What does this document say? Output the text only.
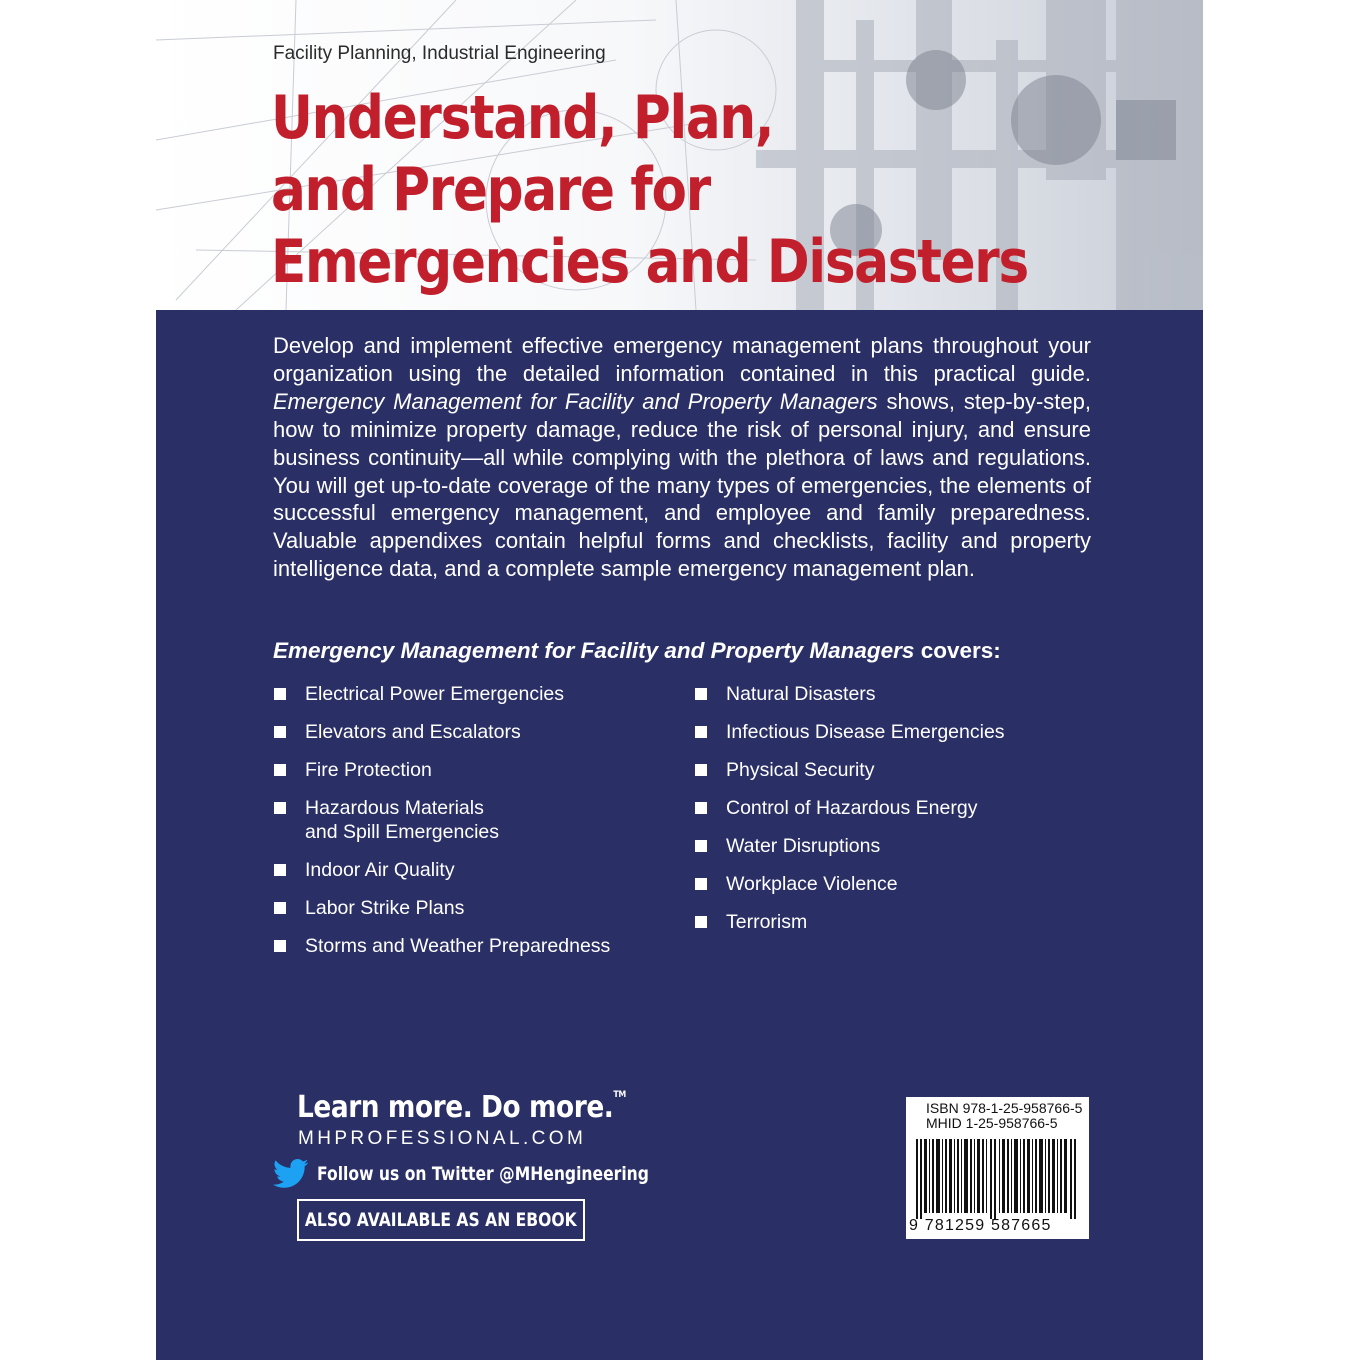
Facility Planning, Industrial Engineering
Understand, Plan,
and Prepare for
Emergencies and Disasters

Develop and implement effective emergency management plans throughout your organization using the detailed information contained in this practical guide. Emergency Management for Facility and Property Managers shows, step-by-step, how to minimize property damage, reduce the risk of personal injury, and ensure business continuity—all while complying with the plethora of laws and regulations. You will get up-to-date coverage of the many types of emergencies, the elements of successful emergency management, and employee and family preparedness. Valuable appendixes contain helpful forms and checklists, facility and property intelligence data, and a complete sample emergency management plan.

Emergency Management for Facility and Property Managers covers:
Electrical Power Emergencies
Elevators and Escalators
Fire Protection
Hazardous Materials and Spill Emergencies
Indoor Air Quality
Labor Strike Plans
Storms and Weather Preparedness
Natural Disasters
Infectious Disease Emergencies
Physical Security
Control of Hazardous Energy
Water Disruptions
Workplace Violence
Terrorism
Learn more. Do more.™
MHPROFESSIONAL.COM
Follow us on Twitter @MHengineering
ALSO AVAILABLE AS AN EBOOK
ISBN 978-1-25-958766-5
MHID 1-25-958766-5
9 781259 587665
